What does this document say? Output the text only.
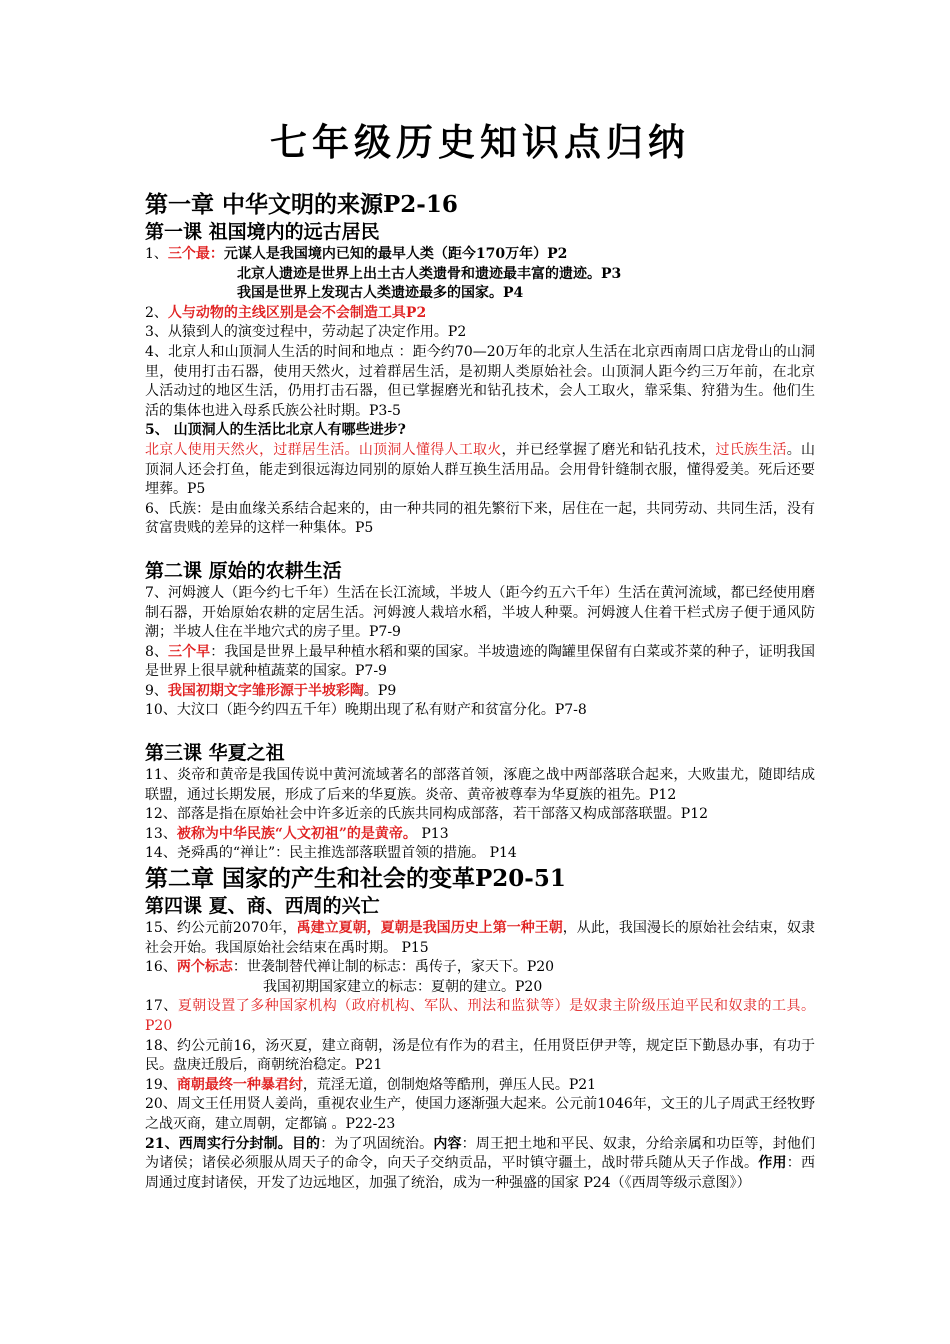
七年级历史知识点归纳
第一章 中华文明的来源P2-16
第一课 祖国境内的远古居民

1、三个最：元谋人是我国境内已知的最早人类（距今170万年）P2

北京人遗迹是世界上出土古人类遗骨和遗迹最丰富的遗迹。P3

我国是世界上发现古人类遗迹最多的国家。P4

2、人与动物的主线区别是会不会制造工具P2

3、从猿到人的演变过程中，劳动起了决定作用。P2

4、北京人和山顶洞人生活的时间和地点 ：距今约70—20万年的北京人生活在北京西南周口店龙骨山的山洞里，使用打击石器，使用天然火，过着群居生活，是初期人类原始社会。山顶洞人距今约三万年前，在北京人活动过的地区生活，仍用打击石器，但已掌握磨光和钻孔技术，会人工取火，靠采集、狩猎为生。他们生活的集体也进入母系氏族公社时期。P3-5

5、 山顶洞人的生活比北京人有哪些进步?

北京人使用天然火，过群居生活。山顶洞人懂得人工取火，并已经掌握了磨光和钻孔技术，过氏族生活。山顶洞人还会打鱼，能走到很远海边同别的原始人群互换生活用品。会用骨针缝制衣服，懂得爱美。死后还要埋葬。P5

6、氏族：是由血缘关系结合起来的，由一种共同的祖先繁衍下来，居住在一起，共同劳动、共同生活，没有贫富贵贱的差异的这样一种集体。P5

第二课 原始的农耕生活

7、河姆渡人（距今约七千年）生活在长江流域，半坡人（距今约五六千年）生活在黄河流域，都已经使用磨制石器，开始原始农耕的定居生活。河姆渡人栽培水稻，半坡人种粟。河姆渡人住着干栏式房子便于通风防潮；半坡人住在半地穴式的房子里。P7-9

8、三个早：我国是世界上最早种植水稻和粟的国家。半坡遗迹的陶罐里保留有白菜或芥菜的种子，证明我国是世界上很早就种植蔬菜的国家。P7-9

9、我国初期文字雏形源于半坡彩陶。P9

10、大汶口（距今约四五千年）晚期出现了私有财产和贫富分化。P7-8

第三课 华夏之祖

11、炎帝和黄帝是我国传说中黄河流域著名的部落首领，涿鹿之战中两部落联合起来，大败蚩尤，随即结成联盟，通过长期发展，形成了后来的华夏族。炎帝、黄帝被尊奉为华夏族的祖先。P12

12、部落是指在原始社会中许多近亲的氏族共同构成部落，若干部落又构成部落联盟。P12

13、被称为中华民族“人文初祖”的是黄帝。 P13

14、尧舜禹的“禅让”：民主推选部落联盟首领的措施。 P14

第二章 国家的产生和社会的变革P20-51
第四课 夏、商、西周的兴亡

15、约公元前2070年，禹建立夏朝，夏朝是我国历史上第一种王朝，从此，我国漫长的原始社会结束，奴隶社会开始。我国原始社会结束在禹时期。 P15

16、两个标志：世袭制替代禅让制的标志：禹传子，家天下。P20

我国初期国家建立的标志：夏朝的建立。P20

17、夏朝设置了多种国家机构（政府机构、军队、刑法和监狱等）是奴隶主阶级压迫平民和奴隶的工具。P20

18、约公元前16，汤灭夏，建立商朝，汤是位有作为的君主，任用贤臣伊尹等，规定臣下勤恳办事，有功于民。盘庚迁殷后，商朝统治稳定。P21

19、商朝最终一种暴君纣，荒淫无道，创制炮烙等酷刑，弹压人民。P21

20、周文王任用贤人姜尚，重视农业生产，使国力逐渐强大起来。公元前1046年，文王的儿子周武王经牧野之战灭商，建立周朝，定都镐 。P22-23

21、西周实行分封制。目的：为了巩固统治。内容：周王把土地和平民、奴隶，分给亲属和功臣等，封他们为诸侯；诸侯必须服从周天子的命令，向天子交纳贡品，平时镇守疆土，战时带兵随从天子作战。作用：西周通过度封诸侯，开发了边远地区，加强了统治，成为一种强盛的国家 P24（《西周等级示意图》）
